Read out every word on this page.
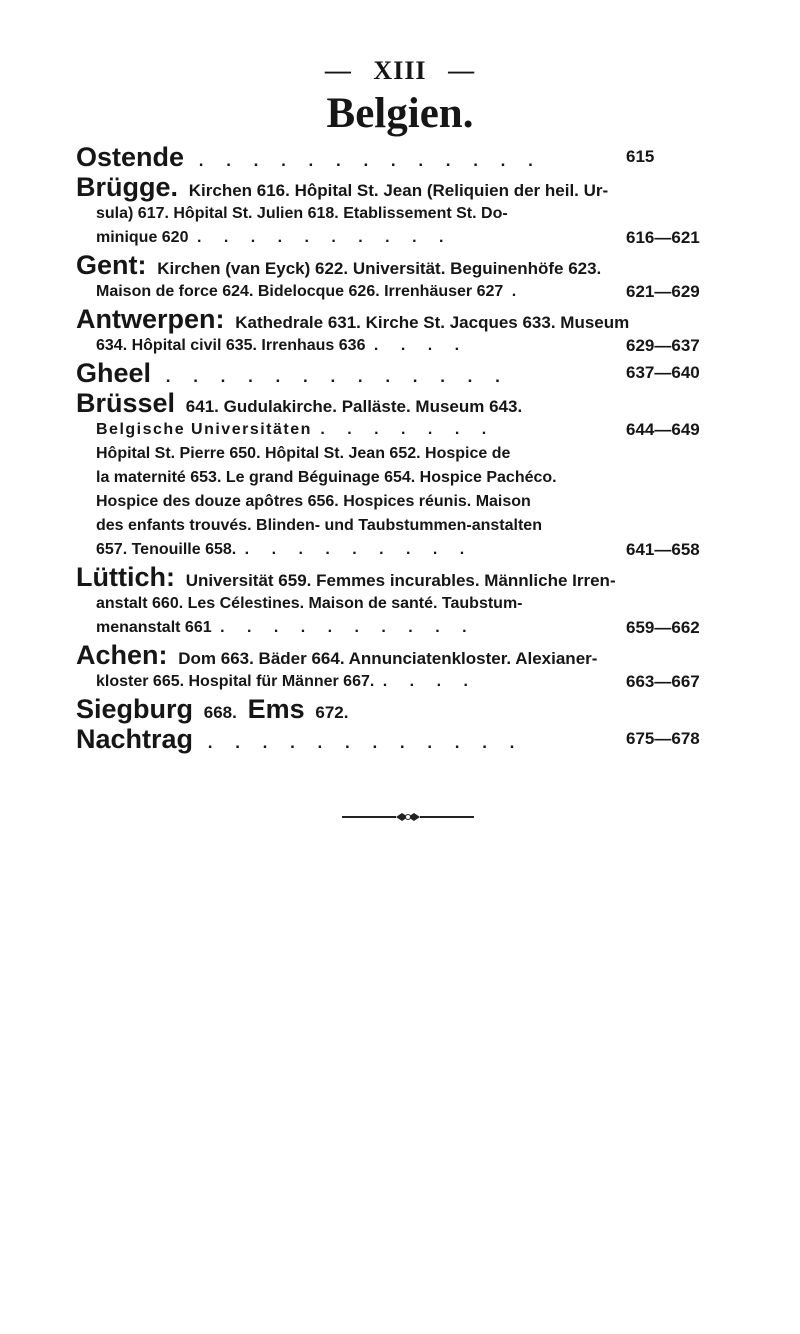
— XIII —
Belgien.
Ostende . . . . . . . . . . . . .	615
Brügge. Kirchen 616. Hôpital St. Jean (Reliquien der heil. Ur-
sula) 617. Hôpital St. Julien 618. Etablissement St. Do-
minique 620 . . . . . . . . . .	616—621
Gent: Kirchen (van Eyck) 622. Universität. Beguinenhöfe 623.
Maison de force 624. Bidelocque 626. Irrenhäuser 627 .	621—629
Antwerpen: Kathedrale 631. Kirche St. Jacques 633. Museum
634. Hôpital civil 635. Irrenhaus 636 . . . .	629—637
Gheel . . . . . . . . . . . . .	637—640
Brüssel 641. Gudulakirche. Palläste. Museum 643.
Belgische Universitäten . . . . . . .	644—649
Hôpital St. Pierre 650. Hôpital St. Jean 652. Hospice de
la maternité 653. Le grand Béguinage 654. Hospice Pachéco.
Hospice des douze apôtres 656. Hospices réunis. Maison
des enfants trouvés. Blinden- und Taubstummen-anstalten
657. Tenouille 658. . . . . . . . . .	641—658
Lüttich: Universität 659. Femmes incurables. Männliche Irren-
anstalt 660. Les Célestines. Maison de santé. Taubstum-
menanstalt 661 . . . . . . . . . .	659—662
Achen: Dom 663. Bäder 664. Annunciatenkloster. Alexianer-
kloster 665. Hospital für Männer 667. . . . .	663—667
Siegburg 668. Ems 672.
Nachtrag . . . . . . . . . . . .	675—678
